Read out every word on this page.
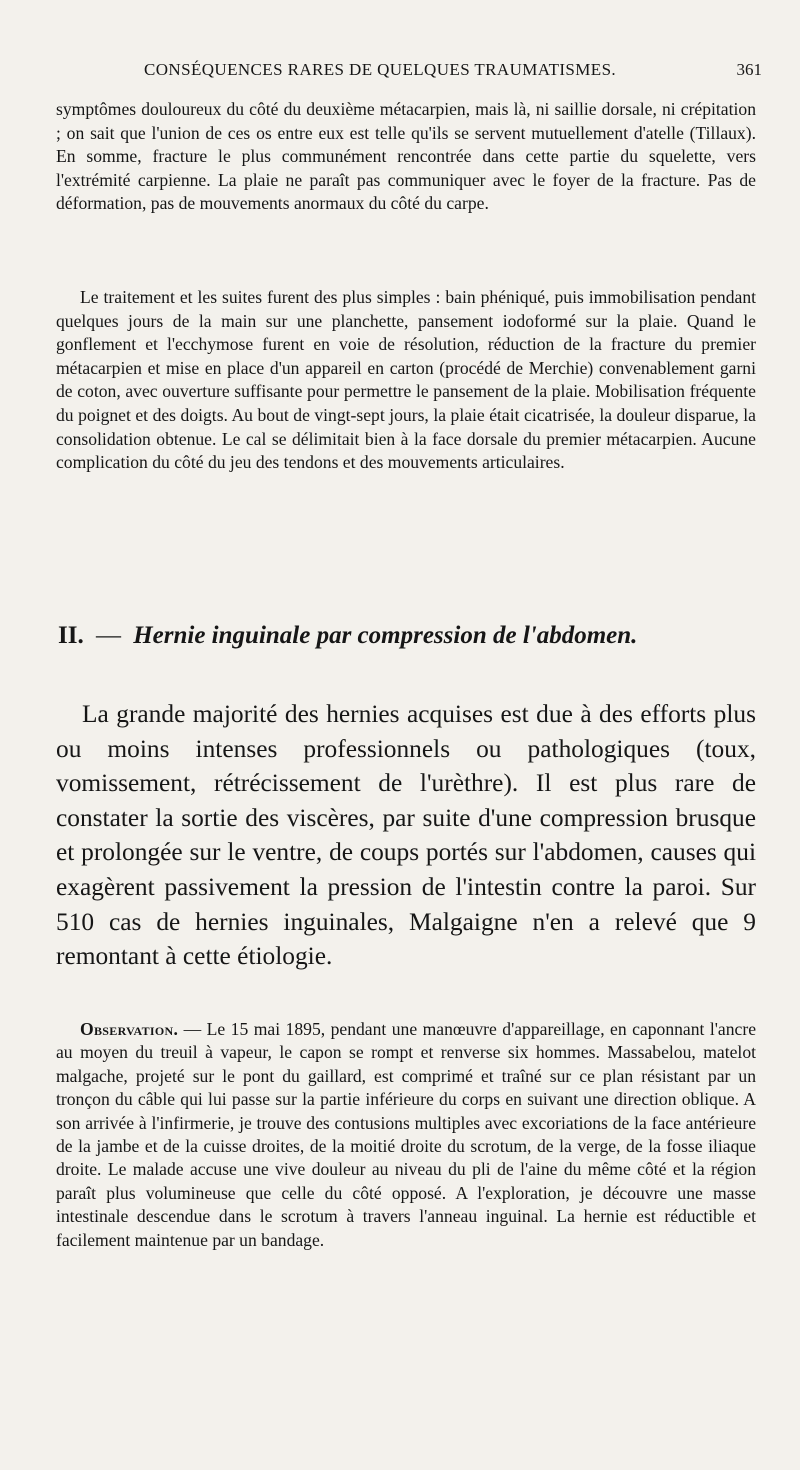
CONSÉQUENCES RARES DE QUELQUES TRAUMATISMES.	361

symptômes douloureux du côté du deuxième métacarpien, mais là, ni saillie dorsale, ni crépitation ; on sait que l'union de ces os entre eux est telle qu'ils se servent mutuellement d'atelle (Tillaux). En somme, fracture le plus communément rencontrée dans cette partie du squelette, vers l'extrémité carpienne. La plaie ne paraît pas communiquer avec le foyer de la fracture. Pas de déformation, pas de mouvements anormaux du côté du carpe.

Le traitement et les suites furent des plus simples : bain phéniqué, puis immobilisation pendant quelques jours de la main sur une planchette, pansement iodoformé sur la plaie. Quand le gonflement et l'ecchymose furent en voie de résolution, réduction de la fracture du premier métacarpien et mise en place d'un appareil en carton (procédé de Merchie) convenablement garni de coton, avec ouverture suffisante pour permettre le pansement de la plaie. Mobilisation fréquente du poignet et des doigts. Au bout de vingt-sept jours, la plaie était cicatrisée, la douleur disparue, la consolidation obtenue. Le cal se délimitait bien à la face dorsale du premier métacarpien. Aucune complication du côté du jeu des tendons et des mouvements articulaires.

II. — Hernie inguinale par compression de l'abdomen.

La grande majorité des hernies acquises est due à des efforts plus ou moins intenses professionnels ou pathologiques (toux, vomissement, rétrécissement de l'urèthre). Il est plus rare de constater la sortie des viscères, par suite d'une compression brusque et prolongée sur le ventre, de coups portés sur l'abdomen, causes qui exagèrent passivement la pression de l'intestin contre la paroi. Sur 510 cas de hernies inguinales, Malgaigne n'en a relevé que 9 remontant à cette étiologie.

Observation. — Le 15 mai 1895, pendant une manœuvre d'appareillage, en caponnant l'ancre au moyen du treuil à vapeur, le capon se rompt et renverse six hommes. Massabelou, matelot malgache, projeté sur le pont du gaillard, est comprimé et traîné sur ce plan résistant par un tronçon du câble qui lui passe sur la partie inférieure du corps en suivant une direction oblique. A son arrivée à l'infirmerie, je trouve des contusions multiples avec excoriations de la face antérieure de la jambe et de la cuisse droites, de la moitié droite du scrotum, de la verge, de la fosse iliaque droite. Le malade accuse une vive douleur au niveau du pli de l'aine du même côté et la région paraît plus volumineuse que celle du côté opposé. A l'exploration, je découvre une masse intestinale descendue dans le scrotum à travers l'anneau inguinal. La hernie est réductible et facilement maintenue par un bandage.
